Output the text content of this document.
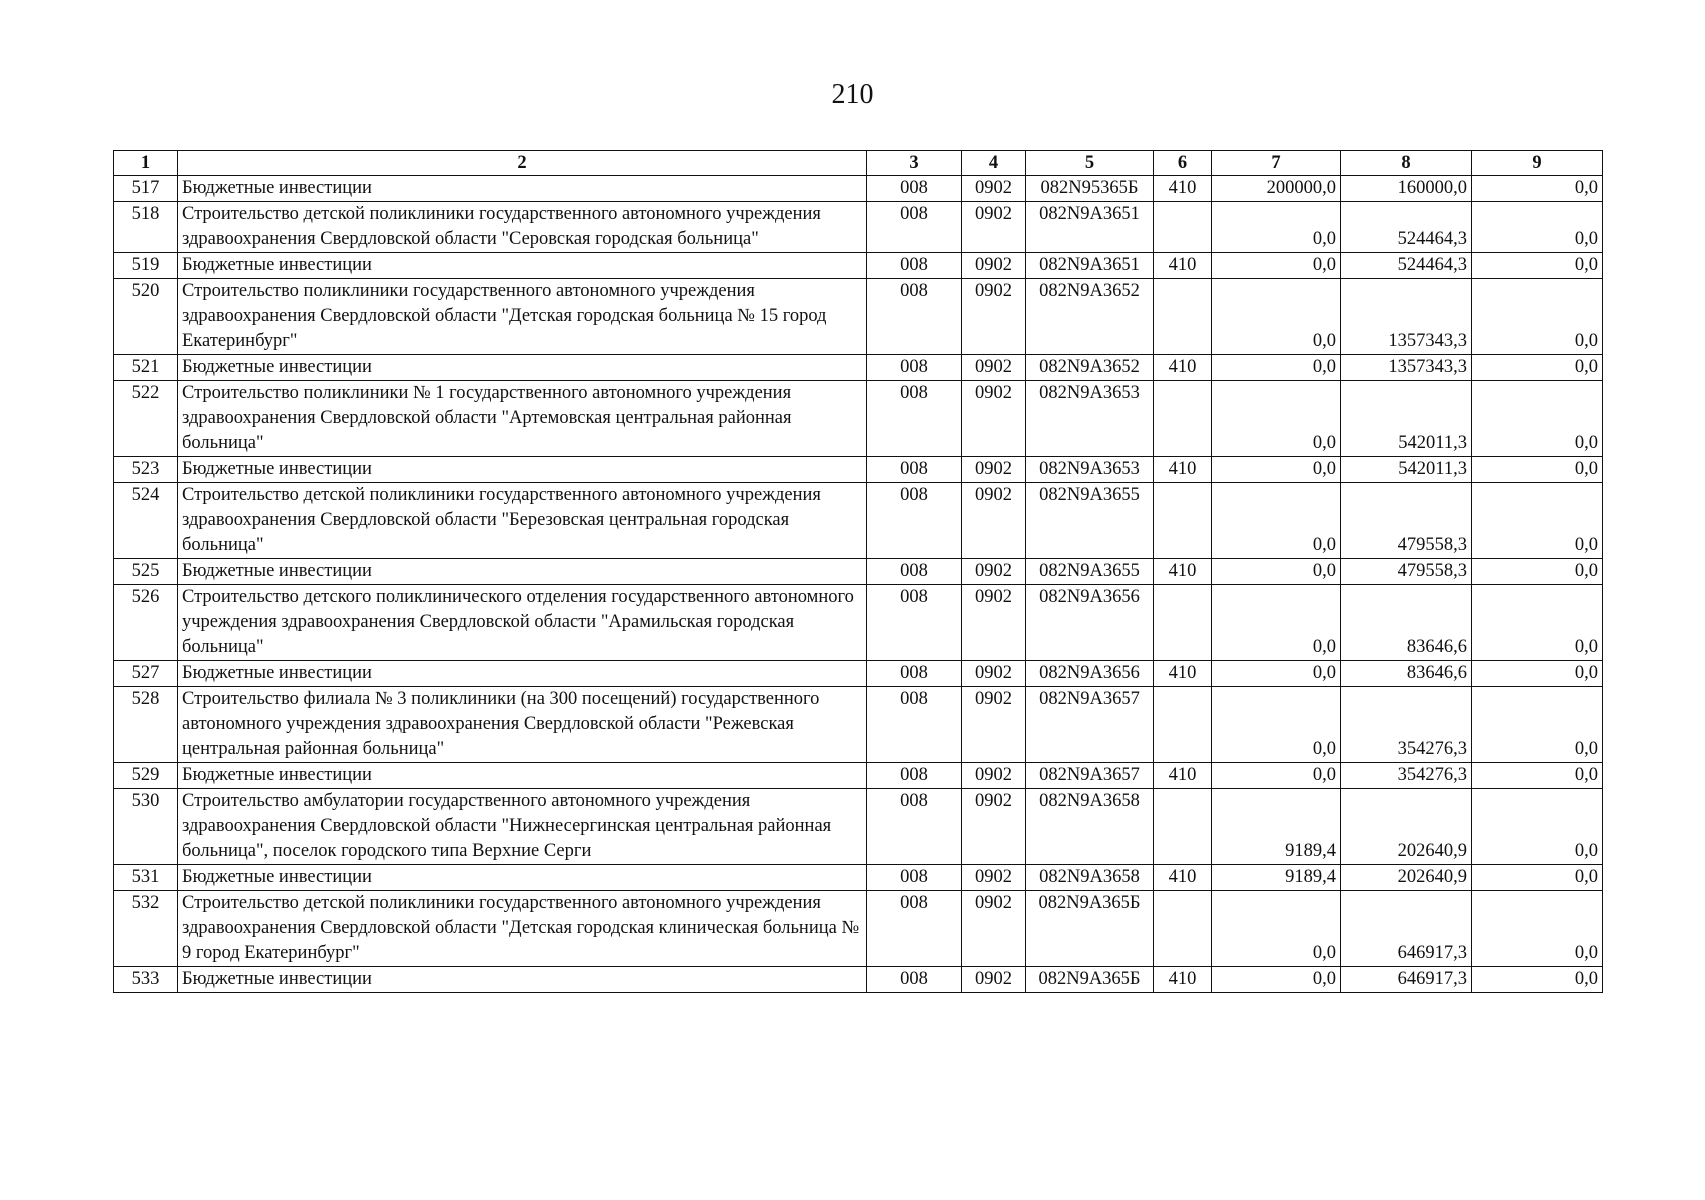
210
1	2	3	4	5	6	7	8	9
517	Бюджетные инвестиции	008	0902	082N95365Б	410	200000,0	160000,0	0,0
518	Строительство детской поликлиники государственного автономного учреждения здравоохранения Свердловской области "Серовская городская больница"	008	0902	082N9A3651		0,0	524464,3	0,0
519	Бюджетные инвестиции	008	0902	082N9A3651	410	0,0	524464,3	0,0
520	Строительство поликлиники государственного автономного учреждения здравоохранения Свердловской области "Детская городская больница № 15 город Екатеринбург"	008	0902	082N9A3652		0,0	1357343,3	0,0
521	Бюджетные инвестиции	008	0902	082N9A3652	410	0,0	1357343,3	0,0
522	Строительство поликлиники № 1 государственного автономного учреждения здравоохранения Свердловской области "Артемовская центральная районная больница"	008	0902	082N9A3653		0,0	542011,3	0,0
523	Бюджетные инвестиции	008	0902	082N9A3653	410	0,0	542011,3	0,0
524	Строительство детской поликлиники государственного автономного учреждения здравоохранения Свердловской области "Березовская центральная городская больница"	008	0902	082N9A3655		0,0	479558,3	0,0
525	Бюджетные инвестиции	008	0902	082N9A3655	410	0,0	479558,3	0,0
526	Строительство детского поликлинического отделения государственного автономного учреждения здравоохранения Свердловской области "Арамильская городская больница"	008	0902	082N9A3656		0,0	83646,6	0,0
527	Бюджетные инвестиции	008	0902	082N9A3656	410	0,0	83646,6	0,0
528	Строительство филиала № 3 поликлиники (на 300 посещений) государственного автономного учреждения здравоохранения Свердловской области "Режевская центральная районная больница"	008	0902	082N9A3657		0,0	354276,3	0,0
529	Бюджетные инвестиции	008	0902	082N9A3657	410	0,0	354276,3	0,0
530	Строительство амбулатории государственного автономного учреждения здравоохранения Свердловской области "Нижнесергинская центральная районная больница", поселок городского типа Верхние Серги	008	0902	082N9A3658		9189,4	202640,9	0,0
531	Бюджетные инвестиции	008	0902	082N9A3658	410	9189,4	202640,9	0,0
532	Строительство детской поликлиники государственного автономного учреждения здравоохранения Свердловской области "Детская городская клиническая больница № 9 город Екатеринбург"	008	0902	082N9A365Б		0,0	646917,3	0,0
533	Бюджетные инвестиции	008	0902	082N9A365Б	410	0,0	646917,3	0,0
